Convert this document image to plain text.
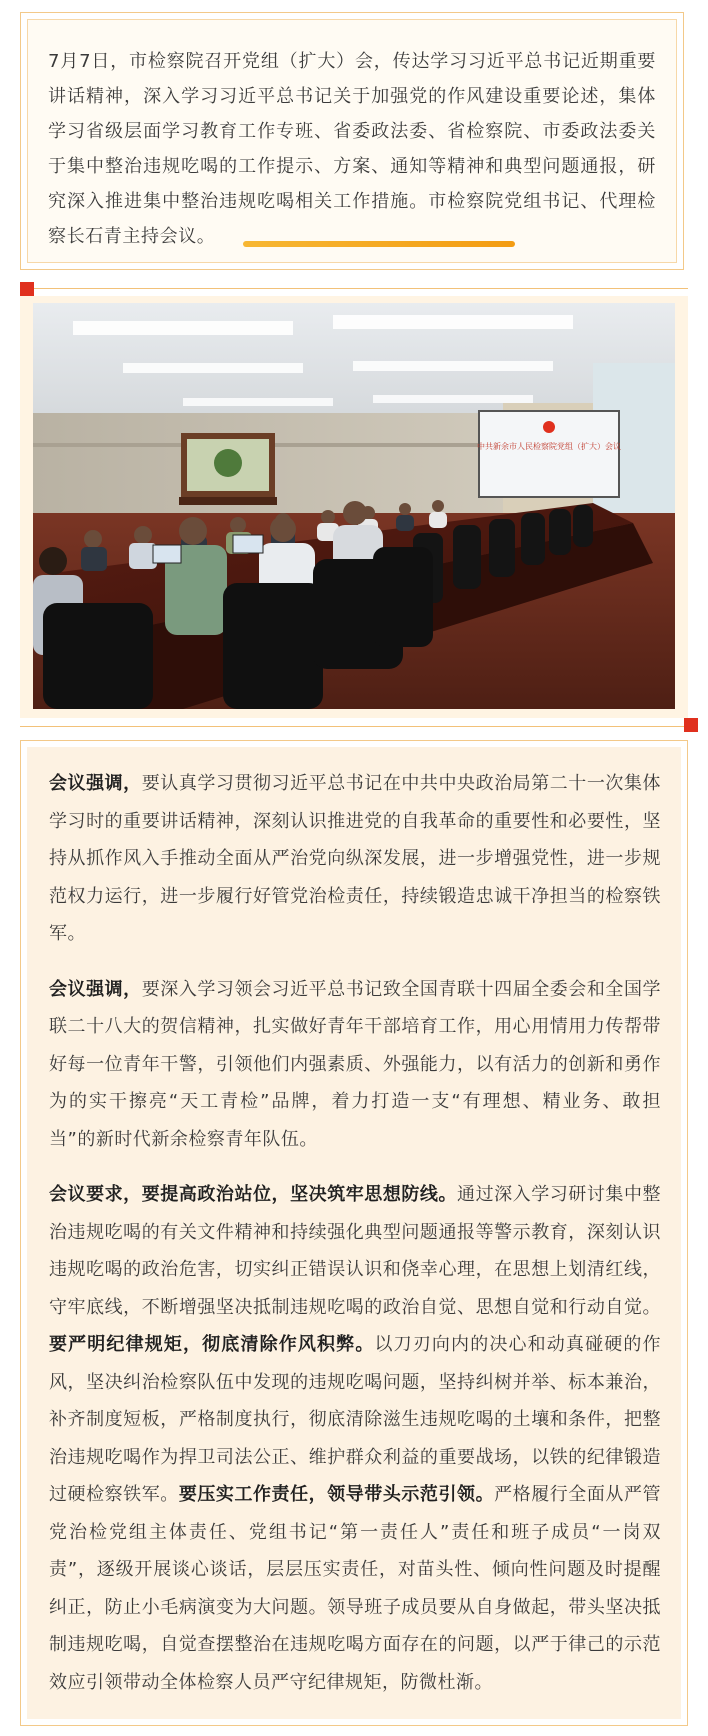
7月7日，市检察院召开党组（扩大）会，传达学习习近平总书记近期重要讲话精神，深入学习习近平总书记关于加强党的作风建设重要论述，集体学习省级层面学习教育工作专班、省委政法委、省检察院、市委政法委关于集中整治违规吃喝的工作提示、方案、通知等精神和典型问题通报，研究深入推进集中整治违规吃喝相关工作措施。市检察院党组书记、代理检察长石青主持会议。

中共新余市人民检察院党组（扩大）会议

会议强调，要认真学习贯彻习近平总书记在中共中央政治局第二十一次集体学习时的重要讲话精神，深刻认识推进党的自我革命的重要性和必要性，坚持从抓作风入手推动全面从严治党向纵深发展，进一步增强党性，进一步规范权力运行，进一步履行好管党治检责任，持续锻造忠诚干净担当的检察铁军。

会议强调，要深入学习领会习近平总书记致全国青联十四届全委会和全国学联二十八大的贺信精神，扎实做好青年干部培育工作，用心用情用力传帮带好每一位青年干警，引领他们内强素质、外强能力，以有活力的创新和勇作为的实干擦亮“天工青检”品牌，着力打造一支“有理想、精业务、敢担当”的新时代新余检察青年队伍。

会议要求，要提高政治站位，坚决筑牢思想防线。通过深入学习研讨集中整治违规吃喝的有关文件精神和持续强化典型问题通报等警示教育，深刻认识违规吃喝的政治危害，切实纠正错误认识和侥幸心理，在思想上划清红线，守牢底线，不断增强坚决抵制违规吃喝的政治自觉、思想自觉和行动自觉。要严明纪律规矩，彻底清除作风积弊。以刀刃向内的决心和动真碰硬的作风，坚决纠治检察队伍中发现的违规吃喝问题，坚持纠树并举、标本兼治，补齐制度短板，严格制度执行，彻底清除滋生违规吃喝的土壤和条件，把整治违规吃喝作为捍卫司法公正、维护群众利益的重要战场，以铁的纪律锻造过硬检察铁军。要压实工作责任，领导带头示范引领。严格履行全面从严管党治检党组主体责任、党组书记“第一责任人”责任和班子成员“一岗双责”，逐级开展谈心谈话，层层压实责任，对苗头性、倾向性问题及时提醒纠正，防止小毛病演变为大问题。领导班子成员要从自身做起，带头坚决抵制违规吃喝，自觉查摆整治在违规吃喝方面存在的问题，以严于律己的示范效应引领带动全体检察人员严守纪律规矩，防微杜渐。
